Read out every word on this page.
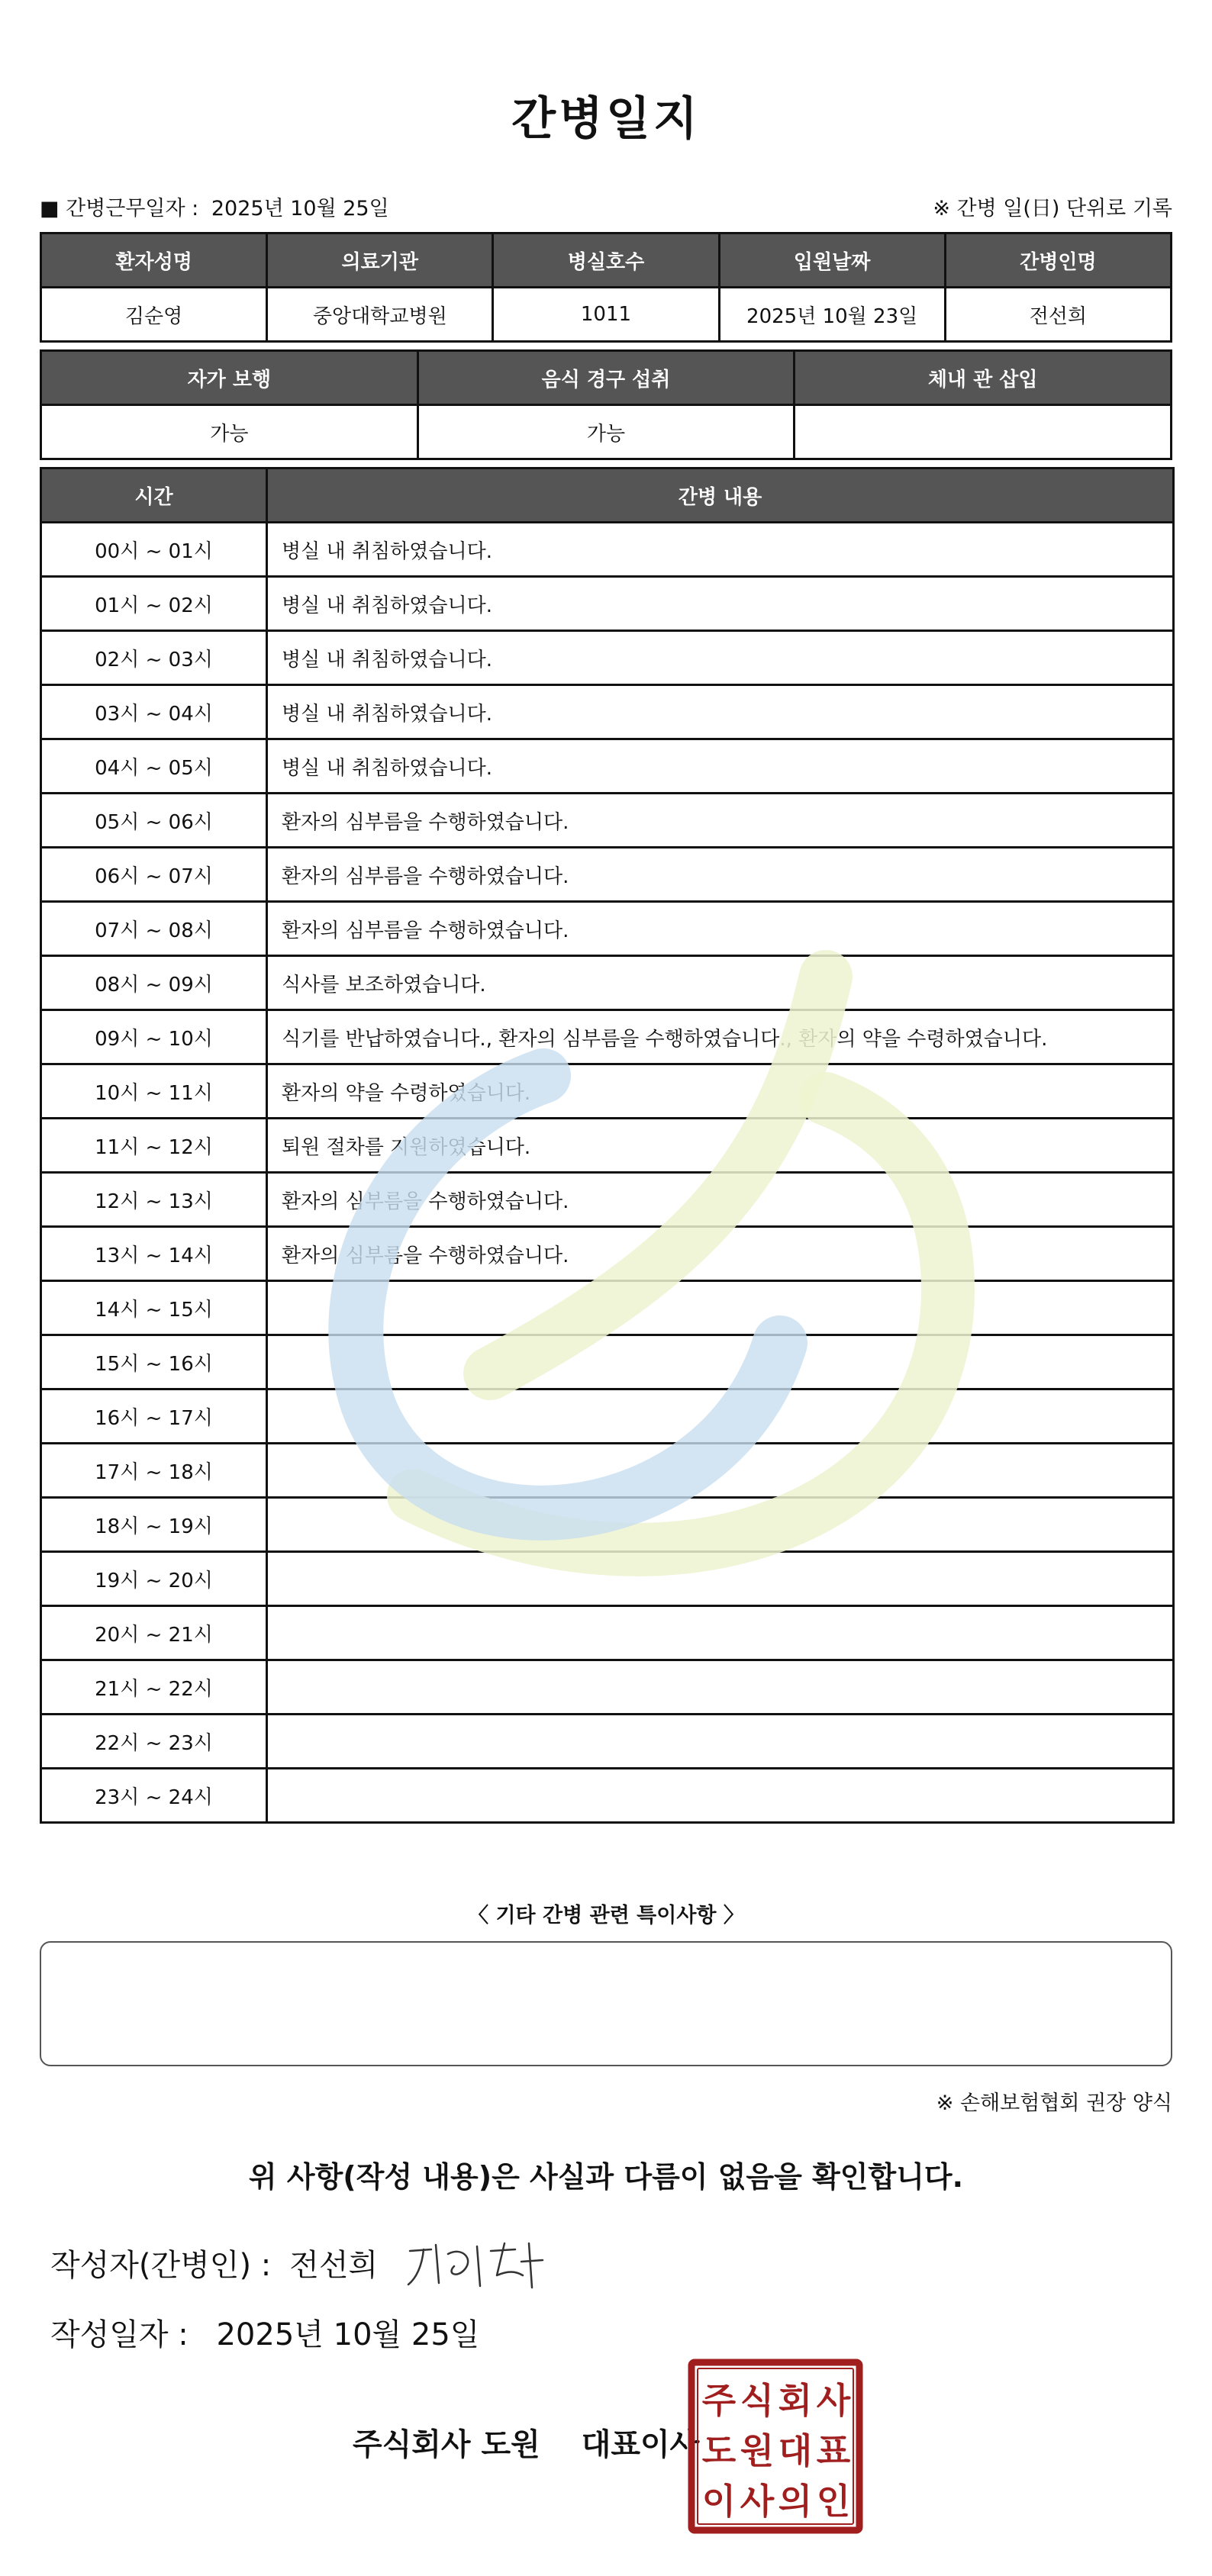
간병일지
■ 간병근무일자 : 2025년 10월 25일	※ 간병 일(日) 단위로 기록
환자성명	의료기관	병실호수	입원날짜	간병인명
김순영	중앙대학교병원	1011	2025년 10월 23일	전선희
자가 보행	음식 경구 섭취	체내 관 삽입
가능	가능	
시간	간병 내용
00시 ~ 01시	병실 내 취침하였습니다.
01시 ~ 02시	병실 내 취침하였습니다.
02시 ~ 03시	병실 내 취침하였습니다.
03시 ~ 04시	병실 내 취침하였습니다.
04시 ~ 05시	병실 내 취침하였습니다.
05시 ~ 06시	환자의 심부름을 수행하였습니다.
06시 ~ 07시	환자의 심부름을 수행하였습니다.
07시 ~ 08시	환자의 심부름을 수행하였습니다.
08시 ~ 09시	식사를 보조하였습니다.
09시 ~ 10시	식기를 반납하였습니다., 환자의 심부름을 수행하였습니다., 환자의 약을 수령하였습니다.
10시 ~ 11시	환자의 약을 수령하였습니다.
11시 ~ 12시	퇴원 절차를 지원하였습니다.
12시 ~ 13시	환자의 심부름을 수행하였습니다.
13시 ~ 14시	환자의 심부름을 수행하였습니다.
14시 ~ 15시	
15시 ~ 16시	
16시 ~ 17시	
17시 ~ 18시	
18시 ~ 19시	
19시 ~ 20시	
20시 ~ 21시	
21시 ~ 22시	
22시 ~ 23시	
23시 ~ 24시	
〈 기타 간병 관련 특이사항 〉
※ 손해보험협회 권장 양식
위 사항(작성 내용)은 사실과 다름이 없음을 확인합니다.
작성자(간병인) : 전선희
작성일자 : 2025년 10월 25일
주식회사 도원 대표이사
주 식 회 사
도 원 대 표
이 사 의 인
